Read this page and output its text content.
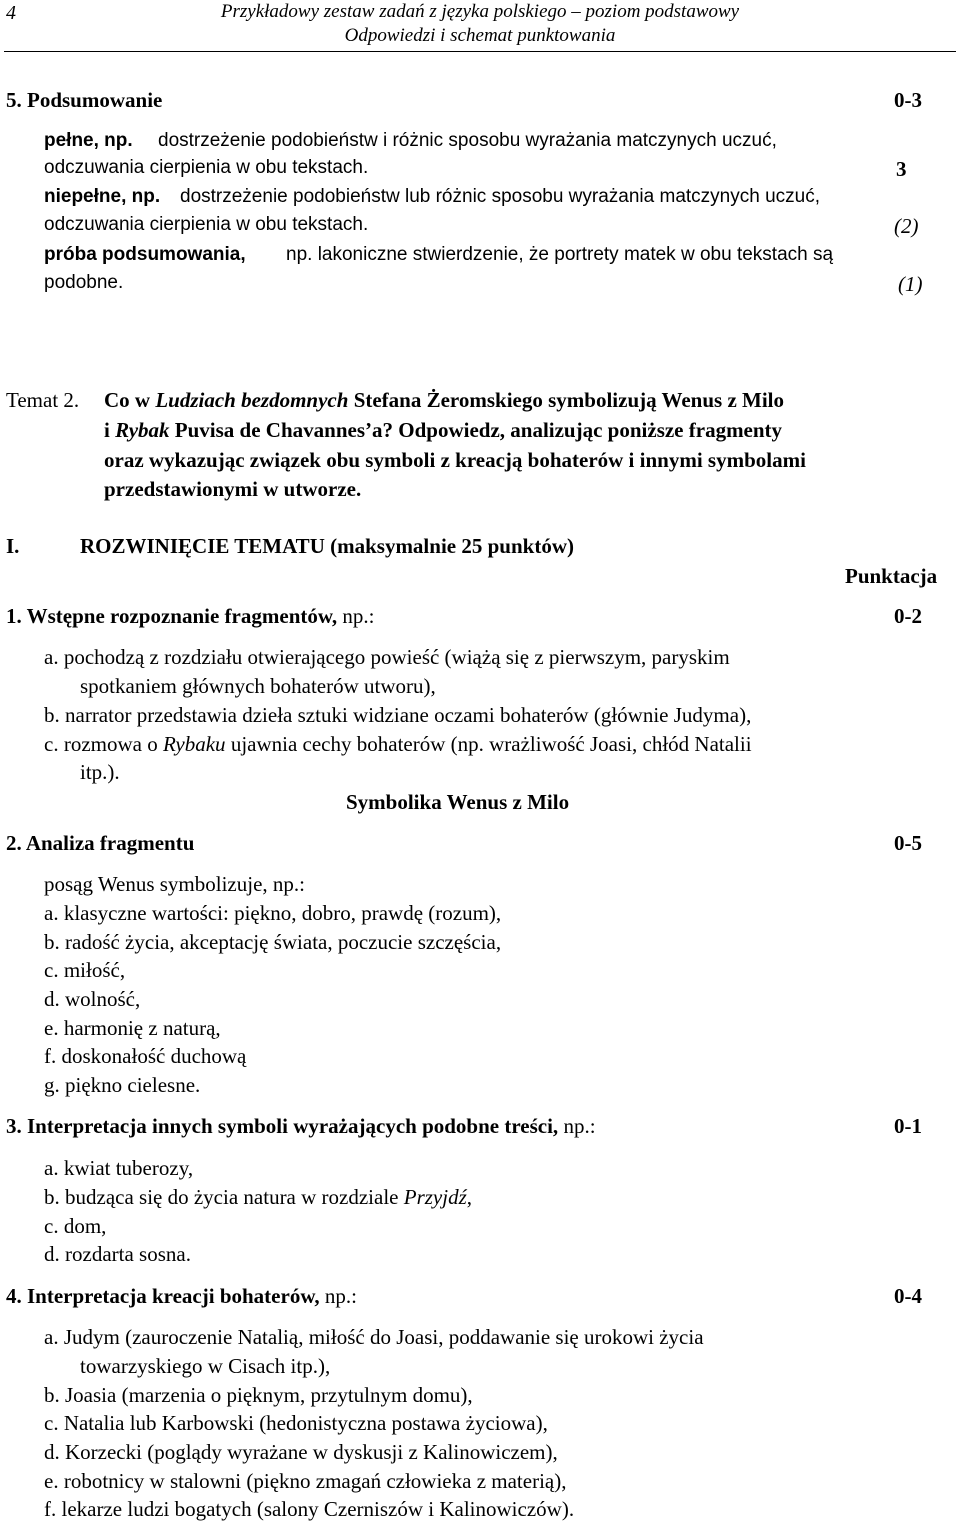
4	Przykładowy zestaw zadań z języka polskiego – poziom podstawowy
Odpowiedzi i schemat punktowania
5. Podsumowanie	0-3
pełne, np. dostrzeżenie podobieństw i różnic sposobu wyrażania matczynych uczuć,
odczuwania cierpienia w obu tekstach.	3
niepełne, np. dostrzeżenie podobieństw lub różnic sposobu wyrażania matczynych uczuć,
odczuwania cierpienia w obu tekstach.	(2)
próba podsumowania, np. lakoniczne stwierdzenie, że portrety matek w obu tekstach są
podobne.	(1)
Temat 2. Co w Ludziach bezdomnych Stefana Żeromskiego symbolizują Wenus z Milo
i Rybak Puvisa de Chavannes’a? Odpowiedz, analizując poniższe fragmenty
oraz wykazując związek obu symboli z kreacją bohaterów i innymi symbolami
przedstawionymi w utworze.
I.	ROZWINIĘCIE TEMATU (maksymalnie 25 punktów)
Punktacja
1. Wstępne rozpoznanie fragmentów, np.:	0-2
a. pochodzą z rozdziału otwierającego powieść (wiążą się z pierwszym, paryskim
spotkaniem głównych bohaterów utworu),
b. narrator przedstawia dzieła sztuki widziane oczami bohaterów (głównie Judyma),
c. rozmowa o Rybaku ujawnia cechy bohaterów (np. wrażliwość Joasi, chłód Natalii
itp.).
Symbolika Wenus z Milo
2. Analiza fragmentu	0-5
posąg Wenus symbolizuje, np.:
a. klasyczne wartości: piękno, dobro, prawdę (rozum),
b. radość życia, akceptację świata, poczucie szczęścia,
c. miłość,
d. wolność,
e. harmonię z naturą,
f. doskonałość duchową
g. piękno cielesne.
3. Interpretacja innych symboli wyrażających podobne treści, np.:	0-1
a. kwiat tuberozy,
b. budząca się do życia natura w rozdziale Przyjdź,
c. dom,
d. rozdarta sosna.
4. Interpretacja kreacji bohaterów, np.:	0-4
a. Judym (zauroczenie Natalią, miłość do Joasi, poddawanie się urokowi życia
towarzyskiego w Cisach itp.),
b. Joasia (marzenia o pięknym, przytulnym domu),
c. Natalia lub Karbowski (hedonistyczna postawa życiowa),
d. Korzecki (poglądy wyrażane w dyskusji z Kalinowiczem),
e. robotnicy w stalowni (piękno zmagań człowieka z materią),
f. lekarze ludzi bogatych (salony Czerniszów i Kalinowiczów).
